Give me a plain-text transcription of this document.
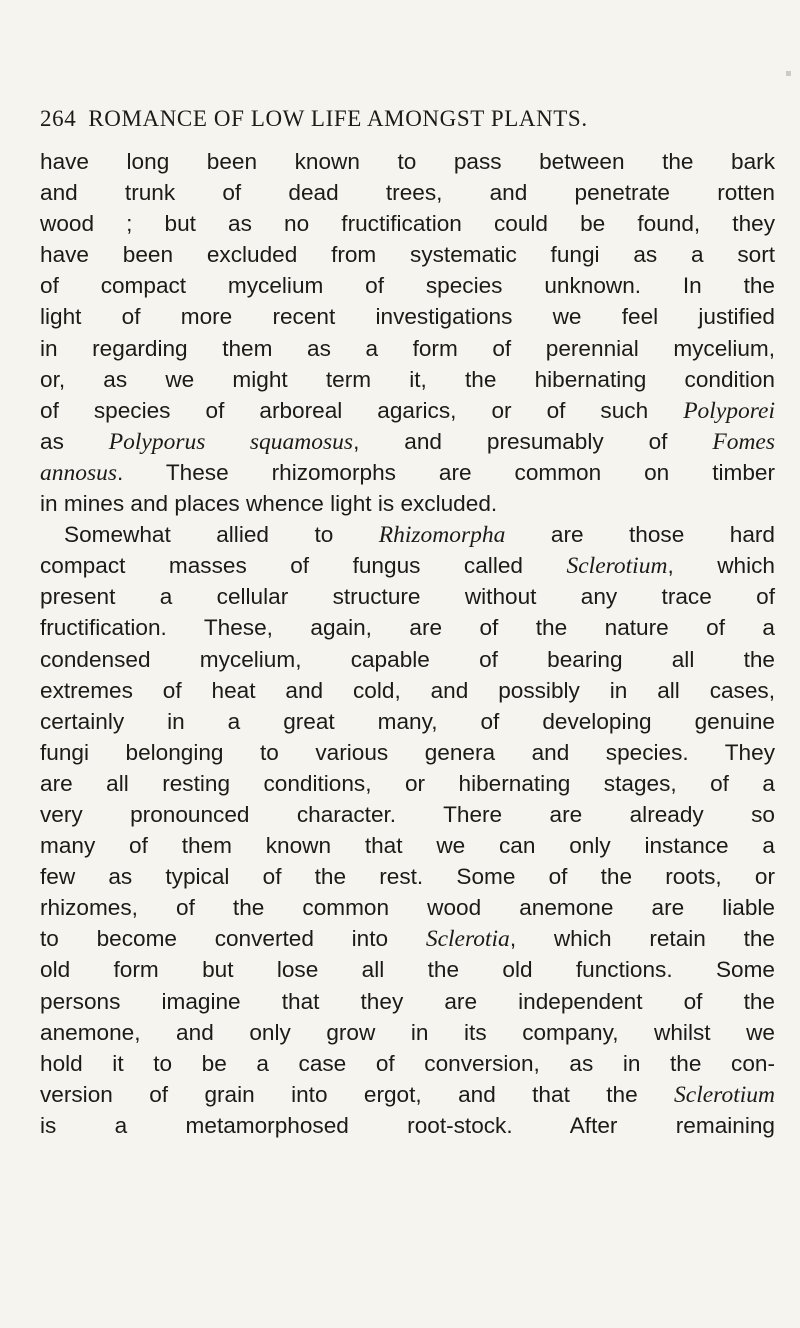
264 ROMANCE OF LOW LIFE AMONGST PLANTS.
have long been known to pass between the bark
and trunk of dead trees, and penetrate rotten
wood ; but as no fructification could be found, they
have been excluded from systematic fungi as a sort
of compact mycelium of species unknown. In the
light of more recent investigations we feel justified
in regarding them as a form of perennial mycelium,
or, as we might term it, the hibernating condition
of species of arboreal agarics, or of such Polyporei
as Polyporus squamosus, and presumably of Fomes
annosus. These rhizomorphs are common on timber
in mines and places whence light is excluded.
Somewhat allied to Rhizomorpha are those hard
compact masses of fungus called Sclerotium, which
present a cellular structure without any trace of
fructification. These, again, are of the nature of a
condensed mycelium, capable of bearing all the
extremes of heat and cold, and possibly in all cases,
certainly in a great many, of developing genuine
fungi belonging to various genera and species. They
are all resting conditions, or hibernating stages, of a
very pronounced character. There are already so
many of them known that we can only instance a
few as typical of the rest. Some of the roots, or
rhizomes, of the common wood anemone are liable
to become converted into Sclerotia, which retain the
old form but lose all the old functions. Some
persons imagine that they are independent of the
anemone, and only grow in its company, whilst we
hold it to be a case of conversion, as in the con-
version of grain into ergot, and that the Sclerotium
is a metamorphosed root-stock. After remaining
